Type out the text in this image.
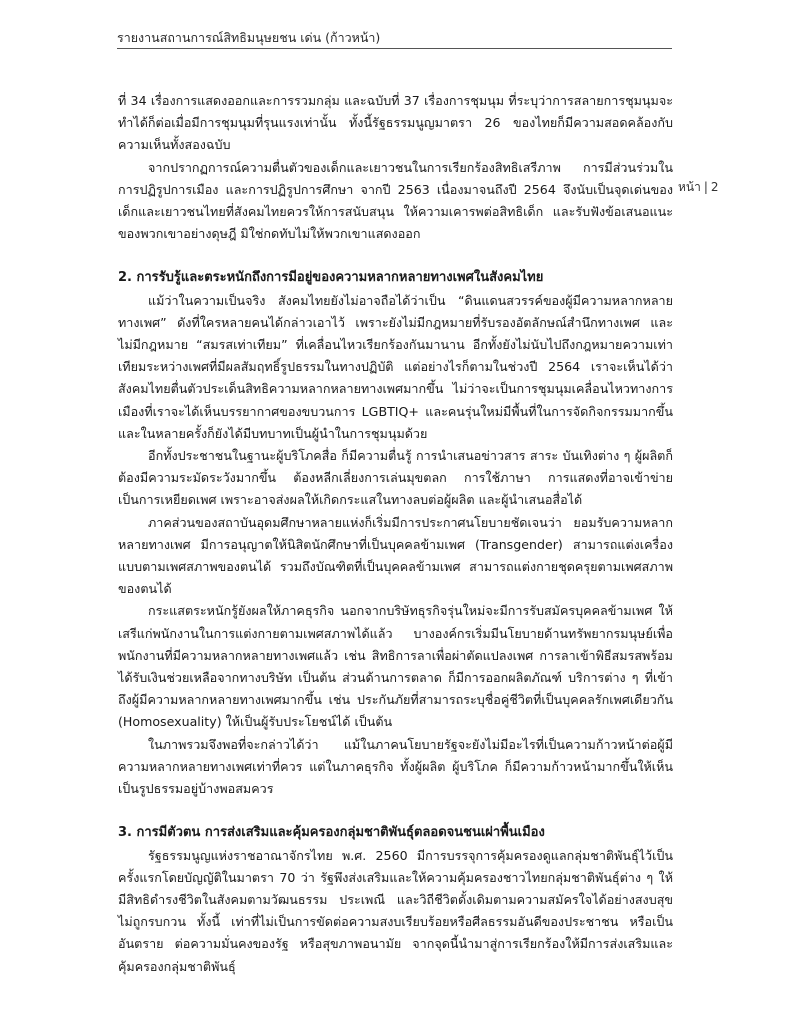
รายงานสถานการณ์สิทธิมนุษยชน เด่น (ก้าวหน้า)
หน้า | 2

ที่ 34 เรื่องการแสดงออกและการรวมกลุ่ม และฉบับที่ 37 เรื่องการชุมนุม ที่ระบุว่าการสลายการชุมนุมจะทำได้ก็ต่อเมื่อมีการชุมนุมที่รุนแรงเท่านั้น ทั้งนี้รัฐธรรมนูญมาตรา 26 ของไทยก็มีความสอดคล้องกับความเห็นทั้งสองฉบับ

จากปรากฏการณ์ความตื่นตัวของเด็กและเยาวชนในการเรียกร้องสิทธิเสรีภาพ การมีส่วนร่วมในการปฏิรูปการเมือง และการปฏิรูปการศึกษา จากปี 2563 เนื่องมาจนถึงปี 2564 จึงนับเป็นจุดเด่นของเด็กและเยาวชนไทยที่สังคมไทยควรให้การสนับสนุน ให้ความเคารพต่อสิทธิเด็ก และรับฟังข้อเสนอแนะของพวกเขาอย่างดุษฎี มิใช่กดทับไม่ให้พวกเขาแสดงออก

2. การรับรู้และตระหนักถึงการมีอยู่ของความหลากหลายทางเพศในสังคมไทย

แม้ว่าในความเป็นจริง สังคมไทยยังไม่อาจถือได้ว่าเป็น “ดินแดนสวรรค์ของผู้มีความหลากหลายทางเพศ” ดังที่ใครหลายคนได้กล่าวเอาไว้ เพราะยังไม่มีกฎหมายที่รับรองอัตลักษณ์สำนึกทางเพศ และไม่มีกฎหมาย “สมรสเท่าเทียม” ที่เคลื่อนไหวเรียกร้องกันมานาน อีกทั้งยังไม่นับไปถึงกฎหมายความเท่าเทียมระหว่างเพศที่มีผลสัมฤทธิ์รูปธรรมในทางปฏิบัติ แต่อย่างไรก็ตามในช่วงปี 2564 เราจะเห็นได้ว่า สังคมไทยตื่นตัวประเด็นสิทธิความหลากหลายทางเพศมากขึ้น ไม่ว่าจะเป็นการชุมนุมเคลื่อนไหวทางการเมืองที่เราจะได้เห็นบรรยากาศของขบวนการ LGBTIQ+ และคนรุ่นใหม่มีพื้นที่ในการจัดกิจกรรมมากขึ้น และในหลายครั้งก็ยังได้มีบทบาทเป็นผู้นำในการชุมนุมด้วย

อีกทั้งประชาชนในฐานะผู้บริโภคสื่อ ก็มีความตื่นรู้ การนำเสนอข่าวสาร สาระ บันเทิงต่าง ๆ ผู้ผลิตก็ต้องมีความระมัดระวังมากขึ้น ต้องหลีกเลี่ยงการเล่นมุขตลก การใช้ภาษา การแสดงที่อาจเข้าข่ายเป็นการเหยียดเพศ เพราะอาจส่งผลให้เกิดกระแสในทางลบต่อผู้ผลิต และผู้นำเสนอสื่อได้

ภาคส่วนของสถาบันอุดมศึกษาหลายแห่งก็เริ่มมีการประกาศนโยบายชัดเจนว่า ยอมรับความหลากหลายทางเพศ มีการอนุญาตให้นิสิตนักศึกษาที่เป็นบุคคลข้ามเพศ (Transgender) สามารถแต่งเครื่องแบบตามเพศสภาพของตนได้ รวมถึงบัณฑิตที่เป็นบุคคลข้ามเพศ สามารถแต่งกายชุดครุยตามเพศสภาพของตนได้

กระแสตระหนักรู้ยังผลให้ภาคธุรกิจ นอกจากบริษัทธุรกิจรุ่นใหม่จะมีการรับสมัครบุคคลข้ามเพศ ให้เสรีแก่พนักงานในการแต่งกายตามเพศสภาพได้แล้ว บางองค์กรเริ่มมีนโยบายด้านทรัพยากรมนุษย์เพื่อพนักงานที่มีความหลากหลายทางเพศแล้ว เช่น สิทธิการลาเพื่อผ่าตัดแปลงเพศ การลาเข้าพิธีสมรสพร้อมได้รับเงินช่วยเหลือจากทางบริษัท เป็นต้น ส่วนด้านการตลาด ก็มีการออกผลิตภัณฑ์ บริการต่าง ๆ ที่เข้าถึงผู้มีความหลากหลายทางเพศมากขึ้น เช่น ประกันภัยที่สามารถระบุชื่อคู่ชีวิตที่เป็นบุคคลรักเพศเดียวกัน (Homosexuality) ให้เป็นผู้รับประโยชน์ได้ เป็นต้น

ในภาพรวมจึงพอที่จะกล่าวได้ว่า แม้ในภาคนโยบายรัฐจะยังไม่มีอะไรที่เป็นความก้าวหน้าต่อผู้มีความหลากหลายทางเพศเท่าที่ควร แต่ในภาคธุรกิจ ทั้งผู้ผลิต ผู้บริโภค ก็มีความก้าวหน้ามากขึ้นให้เห็นเป็นรูปธรรมอยู่บ้างพอสมควร

3. การมีตัวตน การส่งเสริมและคุ้มครองกลุ่มชาติพันธุ์ตลอดจนชนเผ่าพื้นเมือง

รัฐธรรมนูญแห่งราชอาณาจักรไทย พ.ศ. 2560 มีการบรรจุการคุ้มครองดูแลกลุ่มชาติพันธุ์ไว้เป็นครั้งแรกโดยบัญญัติในมาตรา 70 ว่า รัฐพึงส่งเสริมและให้ความคุ้มครองชาวไทยกลุ่มชาติพันธุ์ต่าง ๆ ให้มีสิทธิดำรงชีวิตในสังคมตามวัฒนธรรม ประเพณี และวิถีชีวิตดั้งเดิมตามความสมัครใจได้อย่างสงบสุข ไม่ถูกรบกวน ทั้งนี้ เท่าที่ไม่เป็นการขัดต่อความสงบเรียบร้อยหรือศีลธรรมอันดีของประชาชน หรือเป็นอันตราย ต่อความมั่นคงของรัฐ หรือสุขภาพอนามัย จากจุดนี้นำมาสู่การเรียกร้องให้มีการส่งเสริมและคุ้มครองกลุ่มชาติพันธุ์
